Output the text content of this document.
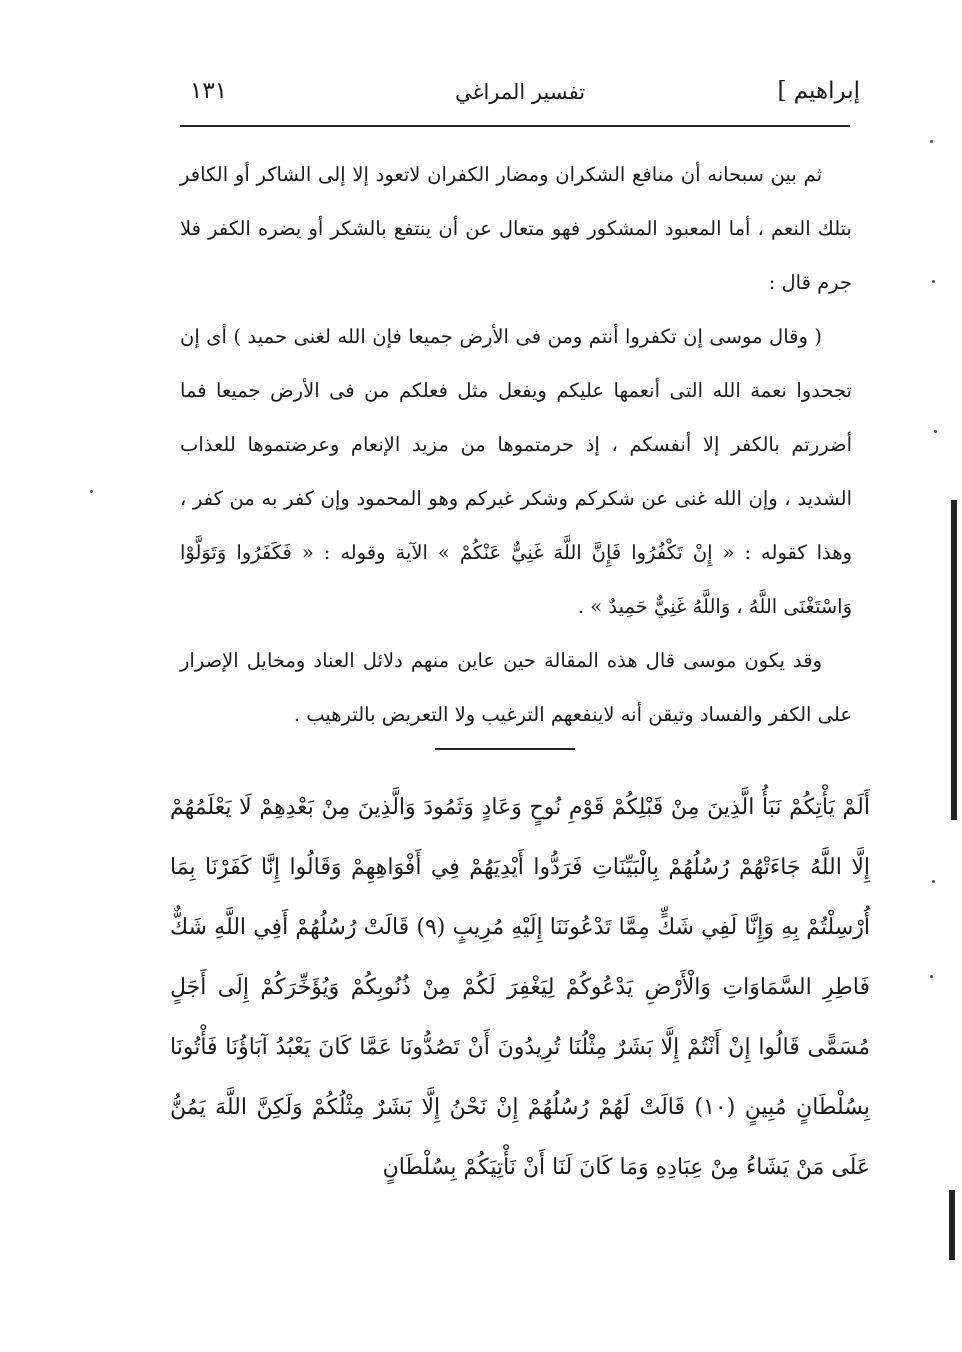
إبراهيم ]
تفسير المراغي
١٣١

ثم بين سبحانه أن منافع الشكران ومضار الكفران لاتعود إلا إلى الشاكر أو الكافر بتلك النعم ، أما المعبود المشكور فهو متعال عن أن ينتفع بالشكر أو يضره الكفر فلا جرم قال :

( وقال موسى إن تكفروا أنتم ومن فى الأرض جميعا فإن الله لغنى حميد ) أى إن تجحدوا نعمة الله التى أنعمها عليكم ويفعل مثل فعلكم من فى الأرض جميعا فما أضررتم بالكفر إلا أنفسكم ، إذ حرمتموها من مزيد الإنعام وعرضتموها للعذاب الشديد ، وإن الله غنى عن شكركم وشكر غيركم وهو المحمود وإن كفر به من كفر ، وهذا كقوله : « إِنْ تَكْفُرُوا فَإِنَّ اللَّهَ غَنِيٌّ عَنْكُمْ » الآية وقوله : « فَكَفَرُوا وَتَوَلَّوْا وَاسْتَغْنَى اللَّهُ ، وَاللَّهُ غَنِيٌّ حَمِيدٌ » .

وقد يكون موسى قال هذه المقالة حين عاين منهم دلائل العناد ومخايل الإصرار على الكفر والفساد وتيقن أنه لاينفعهم الترغيب ولا التعريض بالترهيب .

أَلَمْ يَأْتِكُمْ نَبَأُ الَّذِينَ مِنْ قَبْلِكُمْ قَوْمِ نُوحٍ وَعَادٍ وَثَمُودَ وَالَّذِينَ مِنْ بَعْدِهِمْ لَا يَعْلَمُهُمْ إِلَّا اللَّهُ جَاءَتْهُمْ رُسُلُهُمْ بِالْبَيِّنَاتِ فَرَدُّوا أَيْدِيَهُمْ فِي أَفْوَاهِهِمْ وَقَالُوا إِنَّا كَفَرْنَا بِمَا أُرْسِلْتُمْ بِهِ وَإِنَّا لَفِي شَكٍّ مِمَّا تَدْعُونَنَا إِلَيْهِ مُرِيبٍ (٩) قَالَتْ رُسُلُهُمْ أَفِي اللَّهِ شَكٌّ فَاطِرِ السَّمَاوَاتِ وَالْأَرْضِ يَدْعُوكُمْ لِيَغْفِرَ لَكُمْ مِنْ ذُنُوبِكُمْ وَيُؤَخِّرَكُمْ إِلَى أَجَلٍ مُسَمًّى قَالُوا إِنْ أَنْتُمْ إِلَّا بَشَرٌ مِثْلُنَا تُرِيدُونَ أَنْ تَصُدُّونَا عَمَّا كَانَ يَعْبُدُ آبَاؤُنَا فَأْتُونَا بِسُلْطَانٍ مُبِينٍ (١٠) قَالَتْ لَهُمْ رُسُلُهُمْ إِنْ نَحْنُ إِلَّا بَشَرٌ مِثْلُكُمْ وَلَكِنَّ اللَّهَ يَمُنُّ عَلَى مَنْ يَشَاءُ مِنْ عِبَادِهِ وَمَا كَانَ لَنَا أَنْ نَأْتِيَكُمْ بِسُلْطَانٍ
